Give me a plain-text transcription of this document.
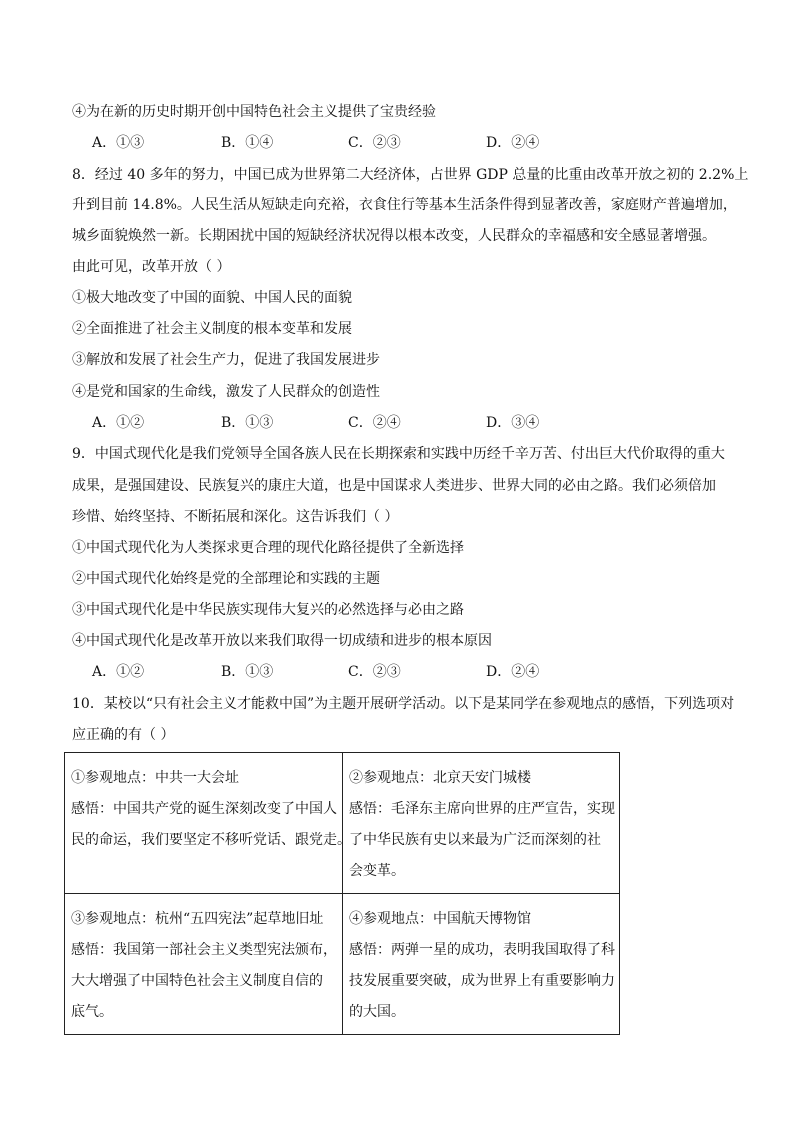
④为在新的历史时期开创中国特色社会主义提供了宝贵经验
A．①③	B．①④	C．②③	D．②④
8．经过 40 多年的努力，中国已成为世界第二大经济体，占世界 GDP 总量的比重由改革开放之初的 2.2%上
升到目前 14.8%。人民生活从短缺走向充裕，衣食住行等基本生活条件得到显著改善，家庭财产普遍增加，
城乡面貌焕然一新。长期困扰中国的短缺经济状况得以根本改变，人民群众的幸福感和安全感显著增强。
由此可见，改革开放（ ）
①极大地改变了中国的面貌、中国人民的面貌
②全面推进了社会主义制度的根本变革和发展
③解放和发展了社会生产力，促进了我国发展进步
④是党和国家的生命线，激发了人民群众的创造性
A．①②	B．①③	C．②④	D．③④
9．中国式现代化是我们党领导全国各族人民在长期探索和实践中历经千辛万苦、付出巨大代价取得的重大
成果，是强国建设、民族复兴的康庄大道，也是中国谋求人类进步、世界大同的必由之路。我们必须倍加
珍惜、始终坚持、不断拓展和深化。这告诉我们（ ）
①中国式现代化为人类探求更合理的现代化路径提供了全新选择
②中国式现代化始终是党的全部理论和实践的主题
③中国式现代化是中华民族实现伟大复兴的必然选择与必由之路
④中国式现代化是改革开放以来我们取得一切成绩和进步的根本原因
A．①②	B．①③	C．②③	D．②④
10．某校以“只有社会主义才能救中国”为主题开展研学活动。以下是某同学在参观地点的感悟，下列选项对
应正确的有（ ）
①参观地点：中共一大会址
感悟：中国共产党的诞生深刻改变了中国人
民的命运，我们要坚定不移听党话、跟党走。	②参观地点：北京天安门城楼
感悟：毛泽东主席向世界的庄严宣告，实现
了中华民族有史以来最为广泛而深刻的社
会变革。

③参观地点：杭州“五四宪法”起草地旧址
感悟：我国第一部社会主义类型宪法颁布，
大大增强了中国特色社会主义制度自信的
底气。	④参观地点：中国航天博物馆
感悟：两弹一星的成功，表明我国取得了科
技发展重要突破，成为世界上有重要影响力
的大国。
